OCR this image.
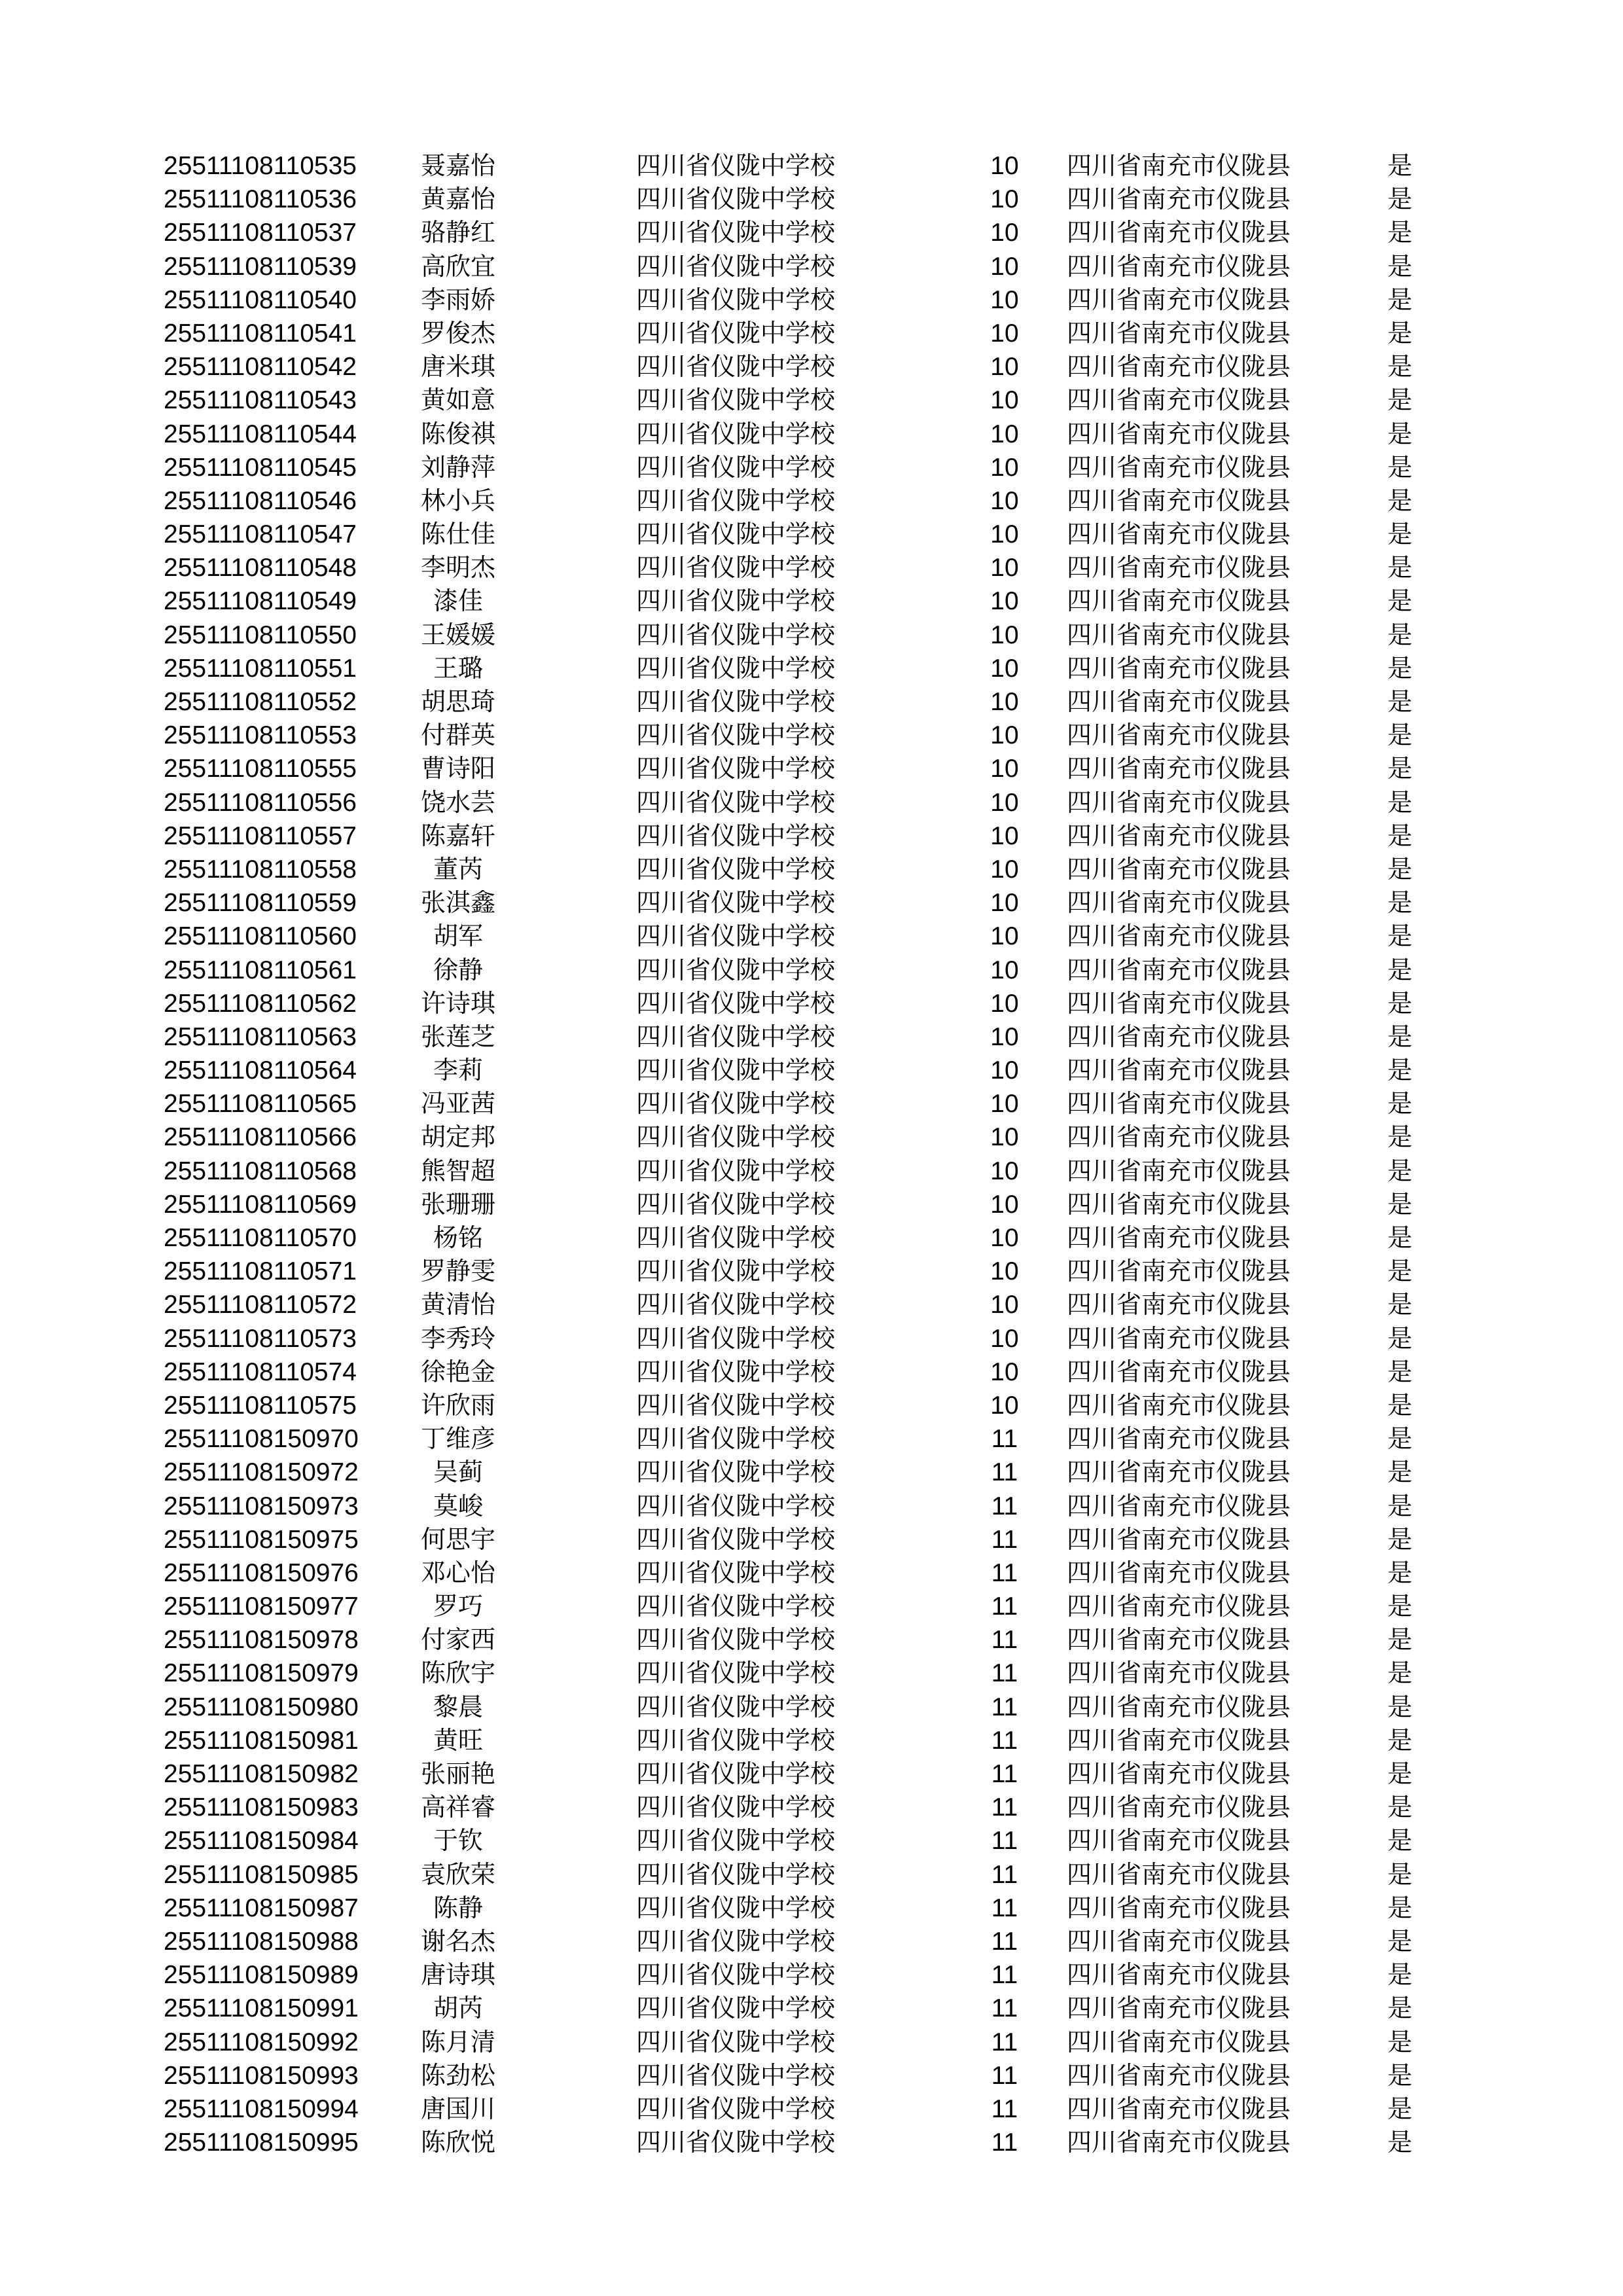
25511108110535	聂嘉怡	四川省仪陇中学校	10	四川省南充市仪陇县	是
25511108110536	黄嘉怡	四川省仪陇中学校	10	四川省南充市仪陇县	是
25511108110537	骆静红	四川省仪陇中学校	10	四川省南充市仪陇县	是
25511108110539	高欣宜	四川省仪陇中学校	10	四川省南充市仪陇县	是
25511108110540	李雨娇	四川省仪陇中学校	10	四川省南充市仪陇县	是
25511108110541	罗俊杰	四川省仪陇中学校	10	四川省南充市仪陇县	是
25511108110542	唐米琪	四川省仪陇中学校	10	四川省南充市仪陇县	是
25511108110543	黄如意	四川省仪陇中学校	10	四川省南充市仪陇县	是
25511108110544	陈俊祺	四川省仪陇中学校	10	四川省南充市仪陇县	是
25511108110545	刘静萍	四川省仪陇中学校	10	四川省南充市仪陇县	是
25511108110546	林小兵	四川省仪陇中学校	10	四川省南充市仪陇县	是
25511108110547	陈仕佳	四川省仪陇中学校	10	四川省南充市仪陇县	是
25511108110548	李明杰	四川省仪陇中学校	10	四川省南充市仪陇县	是
25511108110549	漆佳	四川省仪陇中学校	10	四川省南充市仪陇县	是
25511108110550	王媛媛	四川省仪陇中学校	10	四川省南充市仪陇县	是
25511108110551	王璐	四川省仪陇中学校	10	四川省南充市仪陇县	是
25511108110552	胡思琦	四川省仪陇中学校	10	四川省南充市仪陇县	是
25511108110553	付群英	四川省仪陇中学校	10	四川省南充市仪陇县	是
25511108110555	曹诗阳	四川省仪陇中学校	10	四川省南充市仪陇县	是
25511108110556	饶水芸	四川省仪陇中学校	10	四川省南充市仪陇县	是
25511108110557	陈嘉轩	四川省仪陇中学校	10	四川省南充市仪陇县	是
25511108110558	董芮	四川省仪陇中学校	10	四川省南充市仪陇县	是
25511108110559	张淇鑫	四川省仪陇中学校	10	四川省南充市仪陇县	是
25511108110560	胡军	四川省仪陇中学校	10	四川省南充市仪陇县	是
25511108110561	徐静	四川省仪陇中学校	10	四川省南充市仪陇县	是
25511108110562	许诗琪	四川省仪陇中学校	10	四川省南充市仪陇县	是
25511108110563	张莲芝	四川省仪陇中学校	10	四川省南充市仪陇县	是
25511108110564	李莉	四川省仪陇中学校	10	四川省南充市仪陇县	是
25511108110565	冯亚茜	四川省仪陇中学校	10	四川省南充市仪陇县	是
25511108110566	胡定邦	四川省仪陇中学校	10	四川省南充市仪陇县	是
25511108110568	熊智超	四川省仪陇中学校	10	四川省南充市仪陇县	是
25511108110569	张珊珊	四川省仪陇中学校	10	四川省南充市仪陇县	是
25511108110570	杨铭	四川省仪陇中学校	10	四川省南充市仪陇县	是
25511108110571	罗静雯	四川省仪陇中学校	10	四川省南充市仪陇县	是
25511108110572	黄清怡	四川省仪陇中学校	10	四川省南充市仪陇县	是
25511108110573	李秀玲	四川省仪陇中学校	10	四川省南充市仪陇县	是
25511108110574	徐艳金	四川省仪陇中学校	10	四川省南充市仪陇县	是
25511108110575	许欣雨	四川省仪陇中学校	10	四川省南充市仪陇县	是
25511108150970	丁维彦	四川省仪陇中学校	11	四川省南充市仪陇县	是
25511108150972	吴蓟	四川省仪陇中学校	11	四川省南充市仪陇县	是
25511108150973	莫峻	四川省仪陇中学校	11	四川省南充市仪陇县	是
25511108150975	何思宇	四川省仪陇中学校	11	四川省南充市仪陇县	是
25511108150976	邓心怡	四川省仪陇中学校	11	四川省南充市仪陇县	是
25511108150977	罗巧	四川省仪陇中学校	11	四川省南充市仪陇县	是
25511108150978	付家西	四川省仪陇中学校	11	四川省南充市仪陇县	是
25511108150979	陈欣宇	四川省仪陇中学校	11	四川省南充市仪陇县	是
25511108150980	黎晨	四川省仪陇中学校	11	四川省南充市仪陇县	是
25511108150981	黄旺	四川省仪陇中学校	11	四川省南充市仪陇县	是
25511108150982	张丽艳	四川省仪陇中学校	11	四川省南充市仪陇县	是
25511108150983	高祥睿	四川省仪陇中学校	11	四川省南充市仪陇县	是
25511108150984	于钦	四川省仪陇中学校	11	四川省南充市仪陇县	是
25511108150985	袁欣荣	四川省仪陇中学校	11	四川省南充市仪陇县	是
25511108150987	陈静	四川省仪陇中学校	11	四川省南充市仪陇县	是
25511108150988	谢名杰	四川省仪陇中学校	11	四川省南充市仪陇县	是
25511108150989	唐诗琪	四川省仪陇中学校	11	四川省南充市仪陇县	是
25511108150991	胡芮	四川省仪陇中学校	11	四川省南充市仪陇县	是
25511108150992	陈月清	四川省仪陇中学校	11	四川省南充市仪陇县	是
25511108150993	陈劲松	四川省仪陇中学校	11	四川省南充市仪陇县	是
25511108150994	唐国川	四川省仪陇中学校	11	四川省南充市仪陇县	是
25511108150995	陈欣悦	四川省仪陇中学校	11	四川省南充市仪陇县	是
